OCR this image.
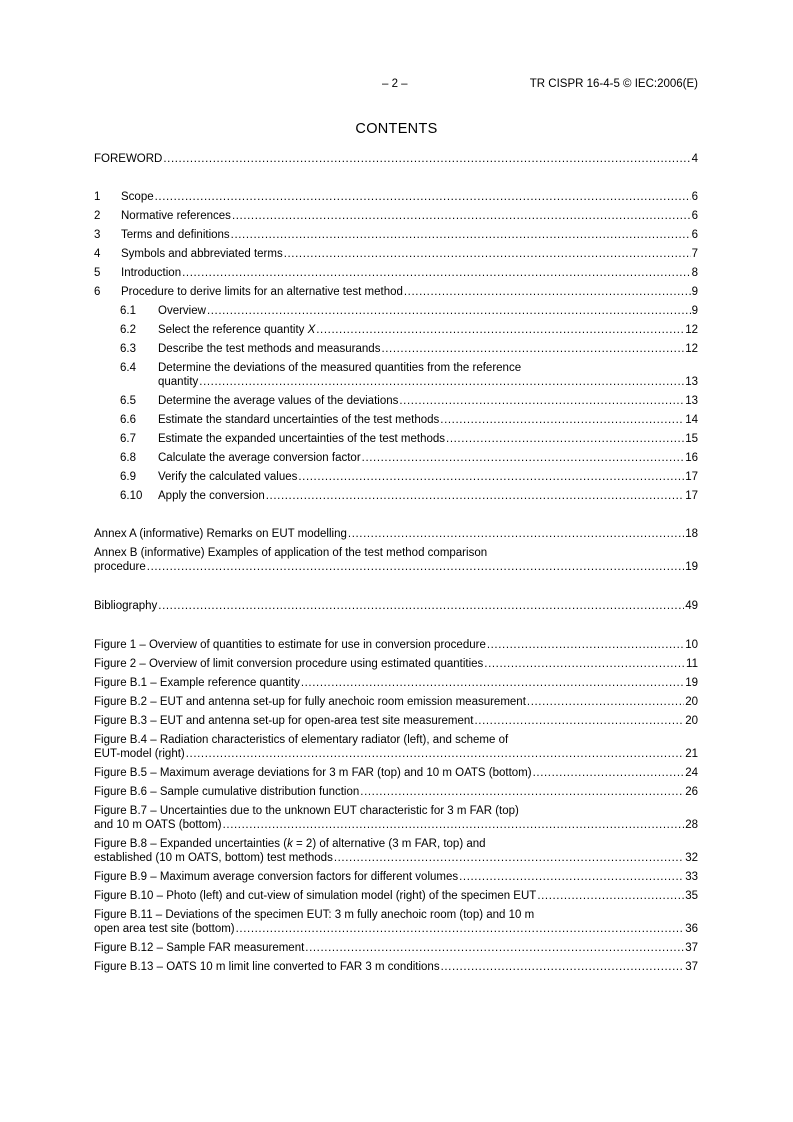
– 2 –	TR CISPR 16-4-5 © IEC:2006(E)
CONTENTS
FOREWORD .....	4
1 Scope .....	6
2 Normative references .....	6
3 Terms and definitions .....	6
4 Symbols and abbreviated terms .....	7
5 Introduction .....	8
6 Procedure to derive limits for an alternative test method .....	9
6.1 Overview .....	9
6.2 Select the reference quantity X .....	12
6.3 Describe the test methods and measurands .....	12
6.4 Determine the deviations of the measured quantities from the reference
quantity .....	13
6.5 Determine the average values of the deviations .....	13
6.6 Estimate the standard uncertainties of the test methods .....	14
6.7 Estimate the expanded uncertainties of the test methods .....	15
6.8 Calculate the average conversion factor .....	16
6.9 Verify the calculated values .....	17
6.10 Apply the conversion .....	17
Annex A (informative) Remarks on EUT modelling .....	18
Annex B (informative) Examples of application of the test method comparison
procedure .....	19
Bibliography .....	49
Figure 1 – Overview of quantities to estimate for use in conversion procedure .....	10
Figure 2 – Overview of limit conversion procedure using estimated quantities .....	11
Figure B.1 – Example reference quantity .....	19
Figure B.2 – EUT and antenna set-up for fully anechoic room emission measurement .....	20
Figure B.3 – EUT and antenna set-up for open-area test site measurement .....	20
Figure B.4 – Radiation characteristics of elementary radiator (left), and scheme of
EUT-model (right) .....	21
Figure B.5 – Maximum average deviations for 3 m FAR (top) and 10 m OATS (bottom) .....	24
Figure B.6 – Sample cumulative distribution function .....	26
Figure B.7 – Uncertainties due to the unknown EUT characteristic for 3 m FAR (top)
and 10 m OATS (bottom) .....	28
Figure B.8 – Expanded uncertainties (k = 2) of alternative (3 m FAR, top) and
established (10 m OATS, bottom) test methods .....	32
Figure B.9 – Maximum average conversion factors for different volumes .....	33
Figure B.10 – Photo (left) and cut-view of simulation model (right) of the specimen EUT .....	35
Figure B.11 – Deviations of the specimen EUT: 3 m fully anechoic room (top) and 10 m
open area test site (bottom) .....	36
Figure B.12 – Sample FAR measurement .....	37
Figure B.13 – OATS 10 m limit line converted to FAR 3 m conditions .....	37
